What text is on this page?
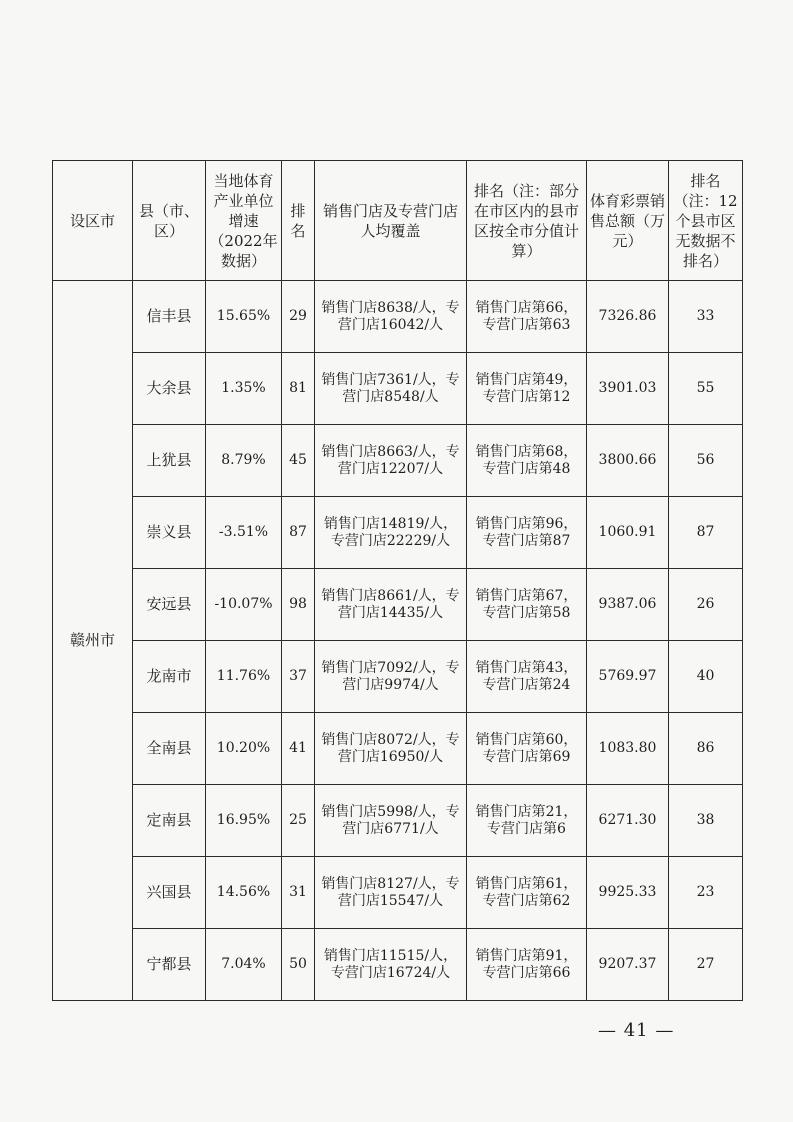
设区市	县（市、区）	当地体育产业单位增速（2022年数据）	排名	销售门店及专营门店人均覆盖	排名（注：部分在市区内的县市区按全市分值计算）	体育彩票销售总额（万元）	排名（注：12个县市区无数据不排名）
赣州市	信丰县	15.65%	29	销售门店8638/人，专营门店16042/人	销售门店第66，专营门店第63	7326.86	33
	大余县	1.35%	81	销售门店7361/人，专营门店8548/人	销售门店第49，专营门店第12	3901.03	55
	上犹县	8.79%	45	销售门店8663/人，专营门店12207/人	销售门店第68，专营门店第48	3800.66	56
	崇义县	-3.51%	87	销售门店14819/人，专营门店22229/人	销售门店第96，专营门店第87	1060.91	87
	安远县	-10.07%	98	销售门店8661/人，专营门店14435/人	销售门店第67，专营门店第58	9387.06	26
	龙南市	11.76%	37	销售门店7092/人，专营门店9974/人	销售门店第43，专营门店第24	5769.97	40
	全南县	10.20%	41	销售门店8072/人，专营门店16950/人	销售门店第60，专营门店第69	1083.80	86
	定南县	16.95%	25	销售门店5998/人，专营门店6771/人	销售门店第21，专营门店第6	6271.30	38
	兴国县	14.56%	31	销售门店8127/人，专营门店15547/人	销售门店第61，专营门店第62	9925.33	23
	宁都县	7.04%	50	销售门店11515/人，专营门店16724/人	销售门店第91，专营门店第66	9207.37	27
— 41 —
